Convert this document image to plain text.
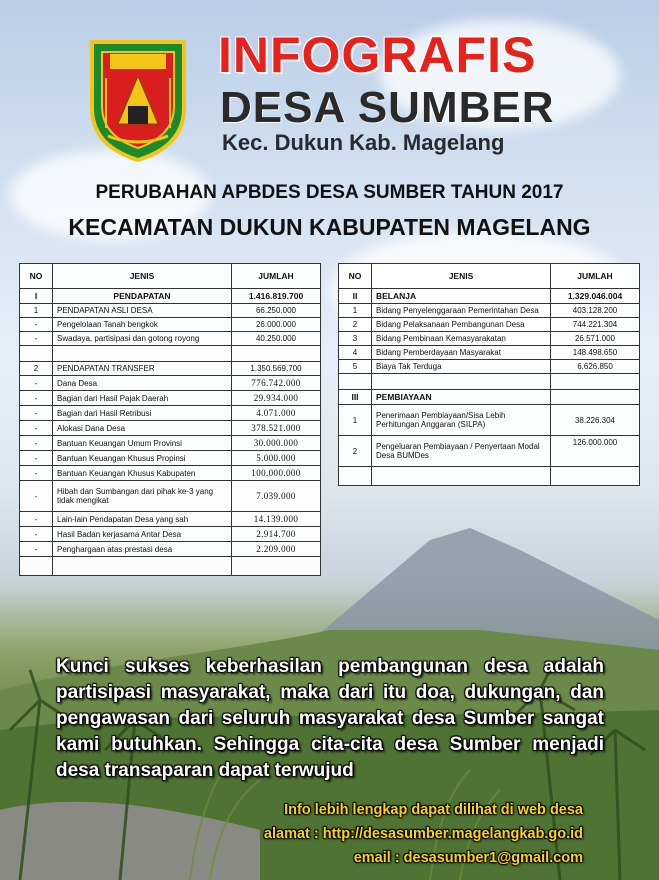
INFOGRAFIS
DESA SUMBER
Kec. Dukun Kab. Magelang
PERUBAHAN APBDES DESA SUMBER TAHUN 2017
KECAMATAN DUKUN KABUPATEN MAGELANG
NO	JENIS	JUMLAH
I	PENDAPATAN	1.416.819.700
1	PENDAPATAN ASLI DESA	66.250.000
-	Pengelolaan Tanah bengkok	26.000.000
-	Swadaya, partisipasi dan gotong royong	40.250.000

2	PENDAPATAN TRANSFER	1.350.569.700
-	Dana Desa	776.742.000
-	Bagian dari Hasil Pajak Daerah	29.934.000
-	Bagian dari Hasil Retribusi	4.071.000
-	Alokasi Dana Desa	378.521.000
-	Bantuan Keuangan Umum Provinsi	30.000.000
-	Bantuan Keuangan Khusus Propinsi	5.000.000
-	Bantuan Keuangan Khusus Kabupaten	100.000.000
-	Hibah dan Sumbangan dari pihak ke-3 yang tidak mengikat	7.039.000
-	Lain-lain Pendapatan Desa yang sah	14.139.000
-	Hasil Badan kerjasama Antar Desa	2.914.700
-	Penghargaan atas prestasi desa	2.209.000

NO	JENIS	JUMLAH
II	BELANJA	1.329.046.004
1	Bidang Penyelenggaraan Pemerintahan Desa	403.128.200
2	Bidang Pelaksanaan Pembangunan Desa	744.221.304
3	Bidang Pembinaan Kemasyarakatan	26.571.000
4	Bidang Pemberdayaan Masyarakat	148.498.650
5	Biaya Tak Terduga	6.626.850

III	PEMBIAYAAN	
1	Penerimaan Pembiayaan/Sisa Lebih Perhitungan Anggaran (SILPA)	38.226.304
2	Pengeluaran Pembiayaan / Penyertaan Modal Desa BUMDes	126.000.000

Kunci sukses keberhasilan pembangunan desa adalah partisipasi masyarakat, maka dari itu doa, dukungan, dan pengawasan dari seluruh masyarakat desa Sumber sangat kami butuhkan. Sehingga cita-cita desa Sumber menjadi desa transaparan dapat terwujud
Info lebih lengkap dapat dilihat di web desa
alamat : http://desasumber.magelangkab.go.id
email : desasumber1@gmail.com
